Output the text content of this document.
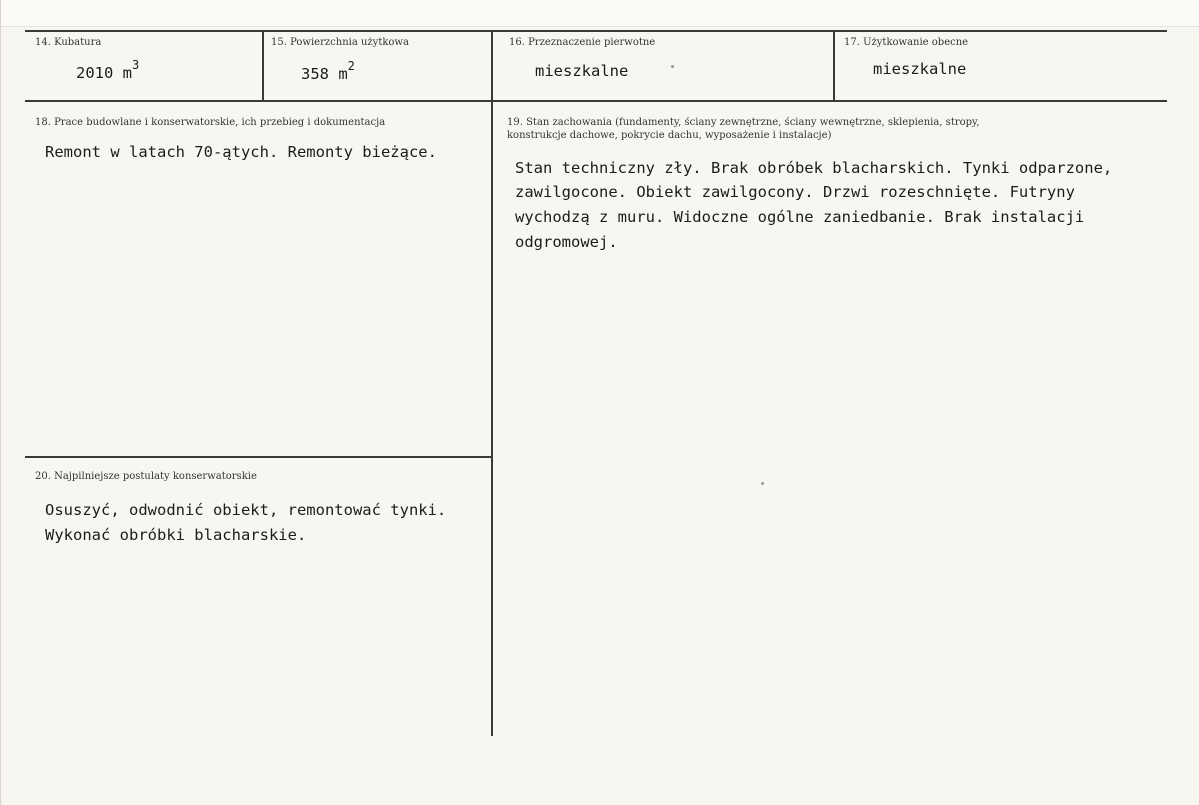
14. Kubatura
2010 $m^3$
15. Powierzchnia użytkowa
358 $m^2$
16. Przeznaczenie pierwotne
mieszkalne
17. Użytkowanie obecne
mieszkalne
18. Prace budowlane i konserwatorskie, ich przebieg i dokumentacja
Remont w latach 70-ątych. Remonty bieżące.
19. Stan zachowania (fundamenty, ściany zewnętrzne, ściany wewnętrzne, sklepienia, stropy,
konstrukcje dachowe, pokrycie dachu, wyposażenie i instalacje)
Stan techniczny zły. Brak obróbek blacharskich. Tynki odparzone,
zawilgocone. Obiekt zawilgocony. Drzwi rozeschnięte. Futryny
wychodzą z muru. Widoczne ogólne zaniedbanie. Brak instalacji
odgromowej.
20. Najpilniejsze postulaty konserwatorskie
Osuszyć, odwodnić obiekt, remontować tynki.
Wykonać obróbki blacharskie.
